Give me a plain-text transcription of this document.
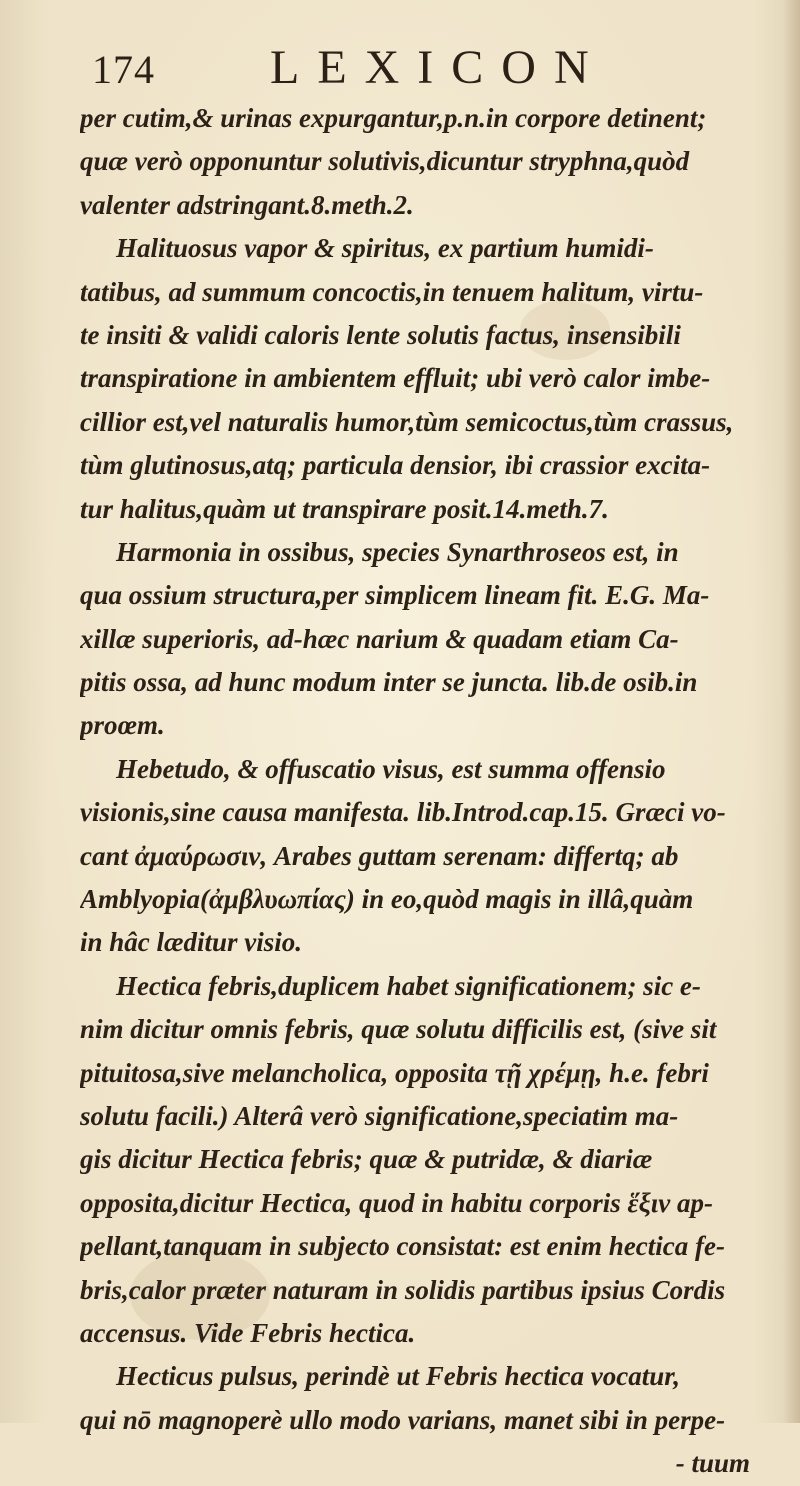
174 LEXICON
per cutim,& urinas expurgantur,p.n.in corpore detinent;
quæ verò opponuntur solutivis,dicuntur stryphna,quòd
valenter adstringant.8.meth.2.
Halituosus vapor & spiritus, ex partium humidi-
tatibus, ad summum concoctis,in tenuem halitum, virtu-
te insiti & validi caloris lente solutis factus, insensibili
transpiratione in ambientem effluit; ubi verò calor imbe-
cillior est,vel naturalis humor,tùm semicoctus,tùm crassus,
tùm glutinosus,atq; particula densior, ibi crassior excita-
tur halitus,quàm ut transpirare posit.14.meth.7.
Harmonia in ossibus, species Synarthroseos est, in
qua ossium structura,per simplicem lineam fit. E.G. Ma-
xillæ superioris, ad-hæc narium & quadam etiam Ca-
pitis ossa, ad hunc modum inter se juncta. lib.de osib.in
proœm.
Hebetudo, & offuscatio visus, est summa offensio
visionis,sine causa manifesta. lib.Introd.cap.15. Græci vo-
cant ἀμαύρωσιν, Arabes guttam serenam: differtq; ab
Amblyopia(ἀμβλυωπίας) in eo,quòd magis in illâ,quàm
in hâc læditur visio.
Hectica febris,duplicem habet significationem; sic e-
nim dicitur omnis febris, quæ solutu difficilis est, (sive sit
pituitosa,sive melancholica, opposita τῇ χρέμῃ, h.e. febri
solutu facili.) Alterâ verò significatione,speciatim ma-
gis dicitur Hectica febris; quæ & putridæ, & diariæ
opposita,dicitur Hectica, quod in habitu corporis ἕξιν ap-
pellant,tanquam in subjecto consistat: est enim hectica fe-
bris,calor præter naturam in solidis partibus ipsius Cordis
accensus. Vide Febris hectica.
Hecticus pulsus, perindè ut Febris hectica vocatur,
qui nō magnoperè ullo modo varians, manet sibi in perpe-
- tuum
